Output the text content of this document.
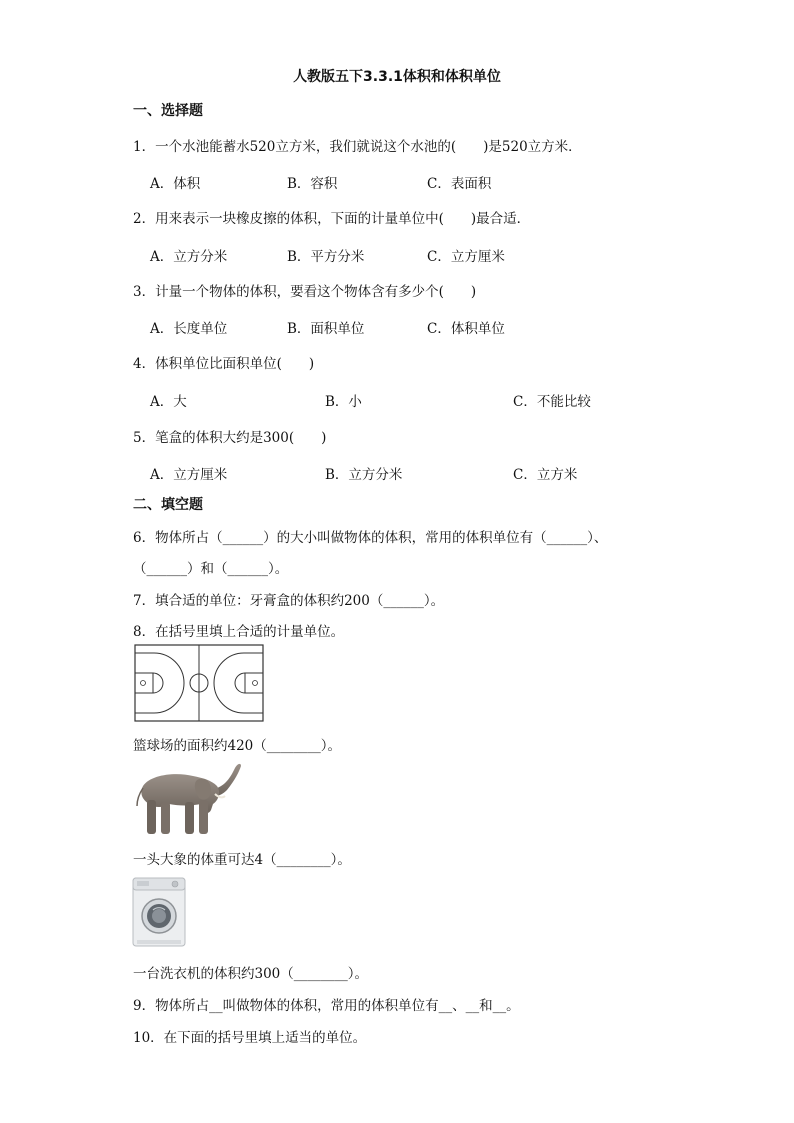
人教版五下3.3.1体积和体积单位
一、选择题
1．一个水池能蓄水520立方米，我们就说这个水池的(　　)是520立方米．
A．体积	B．容积	C．表面积
2．用来表示一块橡皮擦的体积，下面的计量单位中(　　)最合适．
A．立方分米	B．平方分米	C．立方厘米
3．计量一个物体的体积，要看这个物体含有多少个(　　)
A．长度单位	B．面积单位	C．体积单位
4．体积单位比面积单位(　　)
A．大	B．小	C．不能比较
5．笔盒的体积大约是300(　　)
A．立方厘米	B．立方分米	C．立方米
二、填空题
6．物体所占（______）的大小叫做物体的体积，常用的体积单位有（______）、
（______）和（______）。
7．填合适的单位：牙膏盒的体积约200（______）。
8．在括号里填上合适的计量单位。
篮球场的面积约420（________）。
一头大象的体重可达4（________）。
一台洗衣机的体积约300（________）。
9．物体所占__叫做物体的体积，常用的体积单位有__、__和__。
10．在下面的括号里填上适当的单位。
